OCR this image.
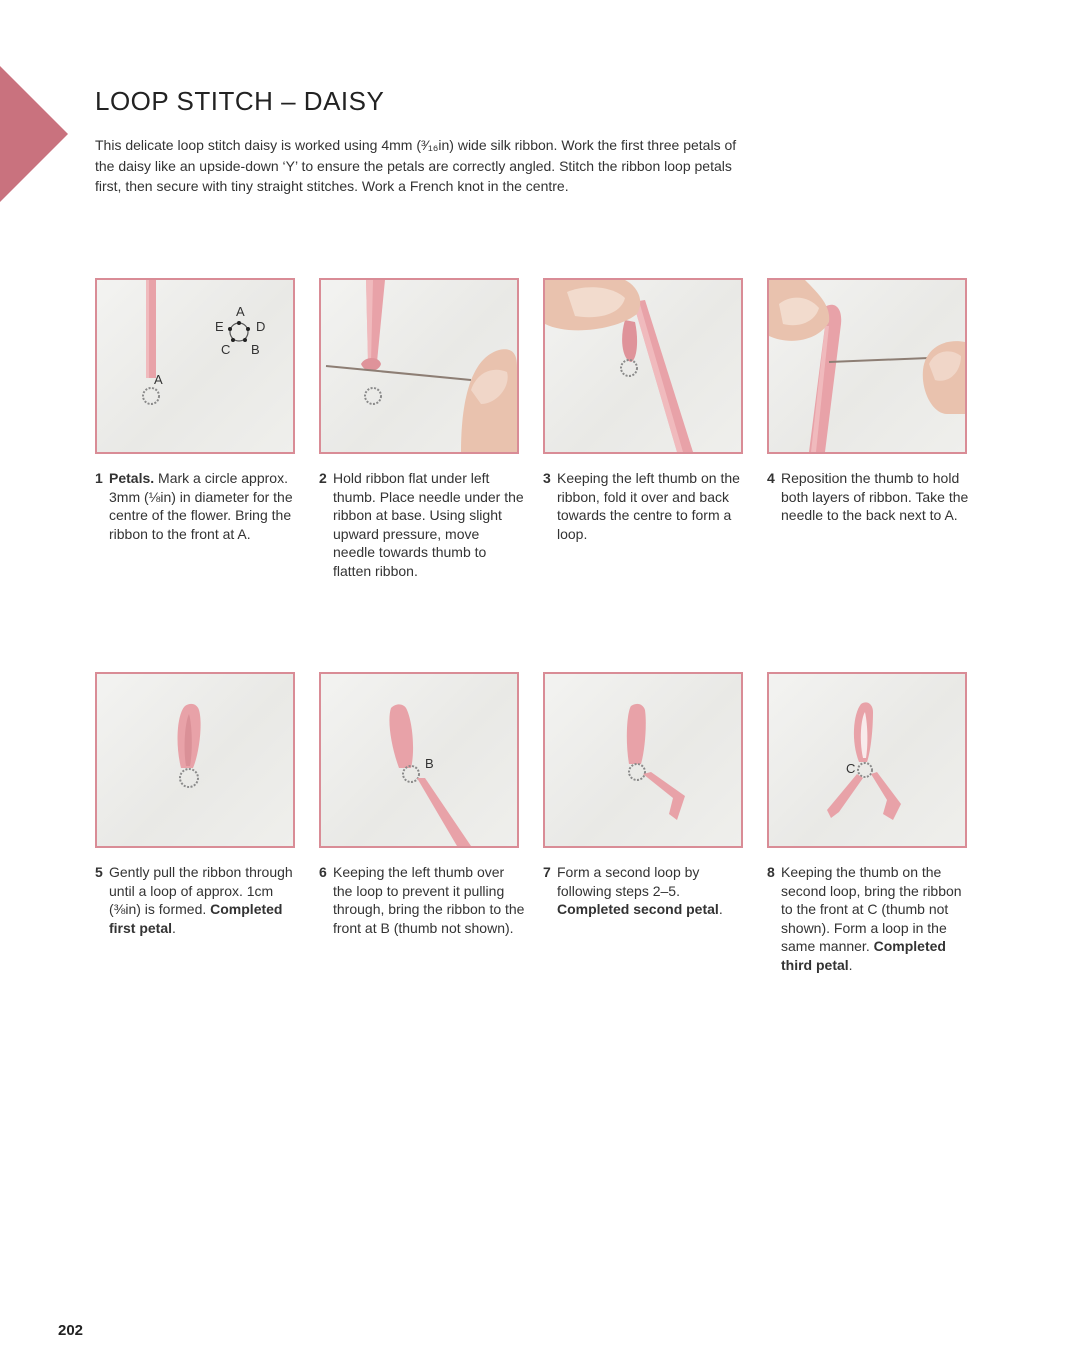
LOOP STITCH – DAISY

This delicate loop stitch daisy is worked using 4mm (³⁄₁₆in) wide silk ribbon. Work the first three petals of the daisy like an upside-down ‘Y’ to ensure the petals are correctly angled. Stitch the ribbon loop petals first, then secure with tiny straight stitches. Work a French knot in the centre.

A
A
D
B
C
E
1 Petals. Mark a circle approx. 3mm (⅛in) in diameter for the centre of the flower. Bring the ribbon to the front at A.
2 Hold ribbon flat under left thumb. Place needle under the ribbon at base. Using slight upward pressure, move needle towards thumb to flatten ribbon.
3 Keeping the left thumb on the ribbon, fold it over and back towards the centre to form a loop.
4 Reposition the thumb to hold both layers of ribbon. Take the needle to the back next to A.
B	C
5 Gently pull the ribbon through until a loop of approx. 1cm (⅜in) is formed. Completed first petal.
6 Keeping the left thumb over the loop to prevent it pulling through, bring the ribbon to the front at B (thumb not shown).
7 Form a second loop by following steps 2–5. Completed second petal.
8 Keeping the thumb on the second loop, bring the ribbon to the front at C (thumb not shown). Form a loop in the same manner. Completed third petal.
202
